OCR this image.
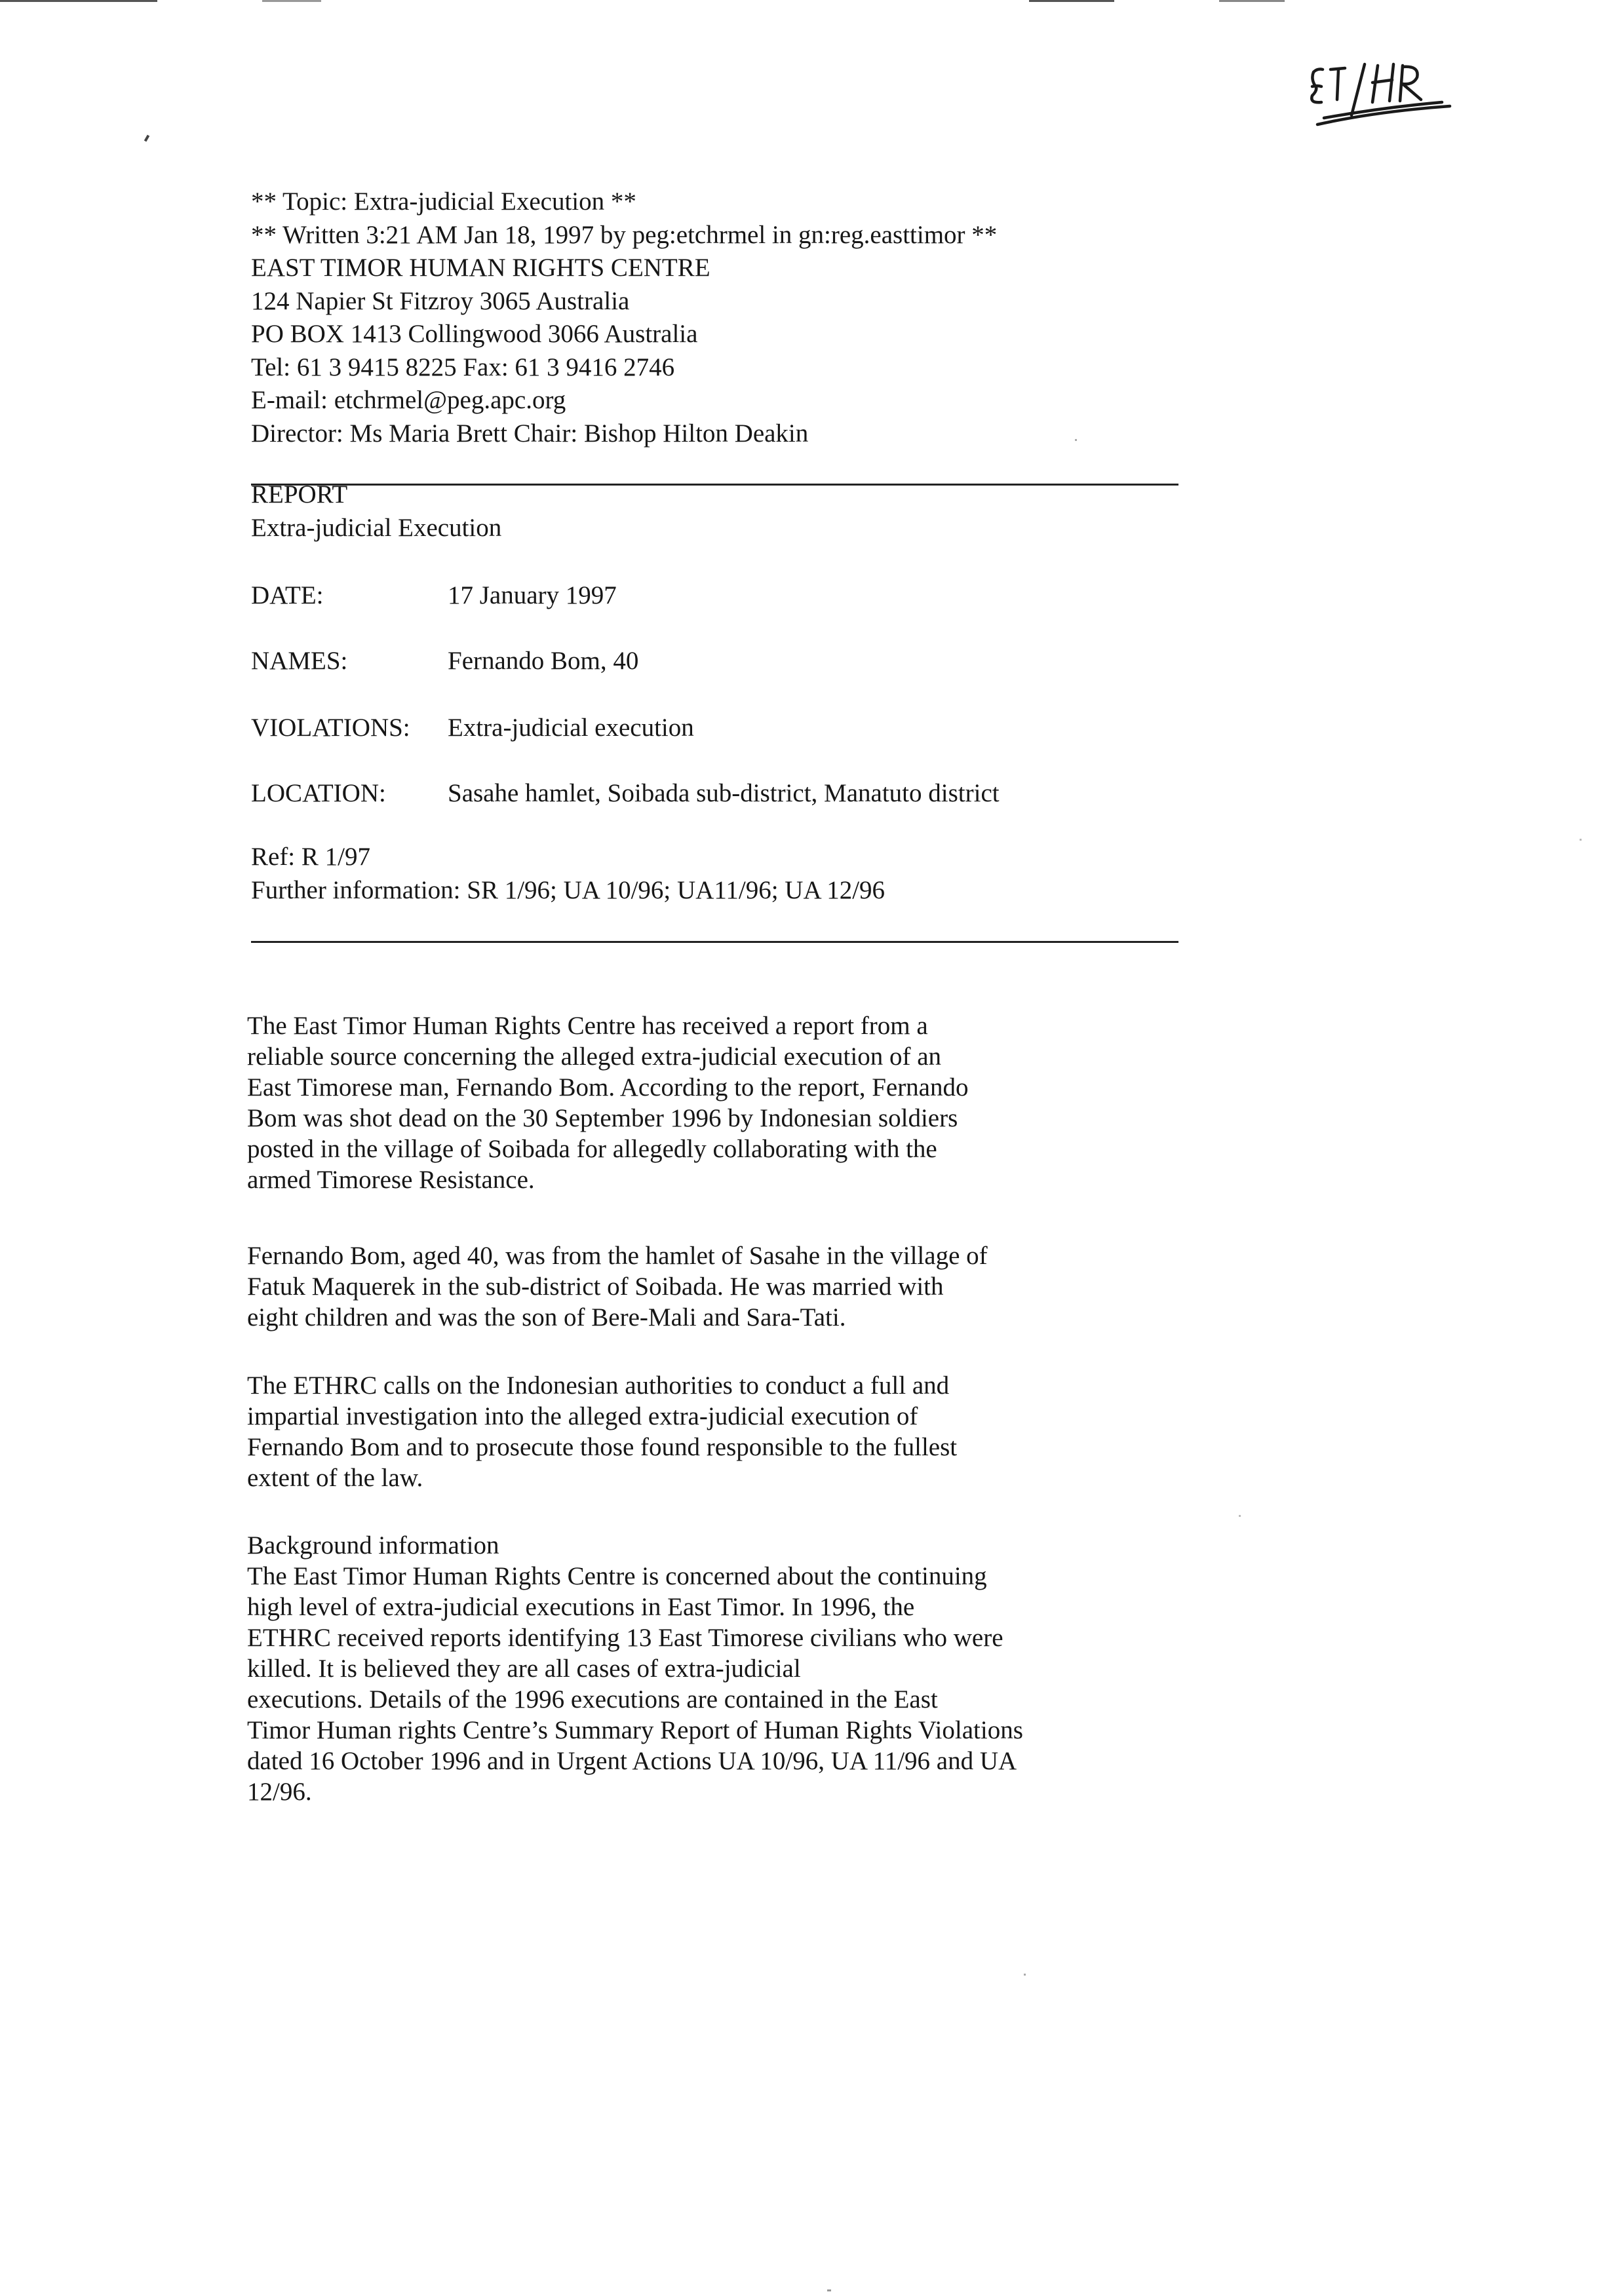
** Topic: Extra-judicial Execution **
** Written 3:21 AM Jan 18, 1997 by peg:etchrmel in gn:reg.easttimor **
EAST TIMOR HUMAN RIGHTS CENTRE
124 Napier St Fitzroy 3065 Australia
PO BOX 1413 Collingwood 3066 Australia
Tel: 61 3 9415 8225 Fax: 61 3 9416 2746
E-mail: etchrmel@peg.apc.org
Director: Ms Maria Brett Chair: Bishop Hilton Deakin
REPORT
Extra-judicial Execution
DATE:	17 January 1997
NAMES:	Fernando Bom, 40
VIOLATIONS: Extra-judicial execution
LOCATION: Sasahe hamlet, Soibada sub-district, Manatuto district
Ref: R 1/97
Further information: SR 1/96; UA 10/96; UA11/96; UA 12/96
The East Timor Human Rights Centre has received a report from a
reliable source concerning the alleged extra-judicial execution of an
East Timorese man, Fernando Bom. According to the report, Fernando
Bom was shot dead on the 30 September 1996 by Indonesian soldiers
posted in the village of Soibada for allegedly collaborating with the
armed Timorese Resistance.
Fernando Bom, aged 40, was from the hamlet of Sasahe in the village of
Fatuk Maquerek in the sub-district of Soibada. He was married with
eight children and was the son of Bere-Mali and Sara-Tati.
The ETHRC calls on the Indonesian authorities to conduct a full and
impartial investigation into the alleged extra-judicial execution of
Fernando Bom and to prosecute those found responsible to the fullest
extent of the law.
Background information
The East Timor Human Rights Centre is concerned about the continuing
high level of extra-judicial executions in East Timor. In 1996, the
ETHRC received reports identifying 13 East Timorese civilians who were
killed. It is believed they are all cases of extra-judicial
executions. Details of the 1996 executions are contained in the East
Timor Human rights Centre’s Summary Report of Human Rights Violations
dated 16 October 1996 and in Urgent Actions UA 10/96, UA 11/96 and UA
12/96.
